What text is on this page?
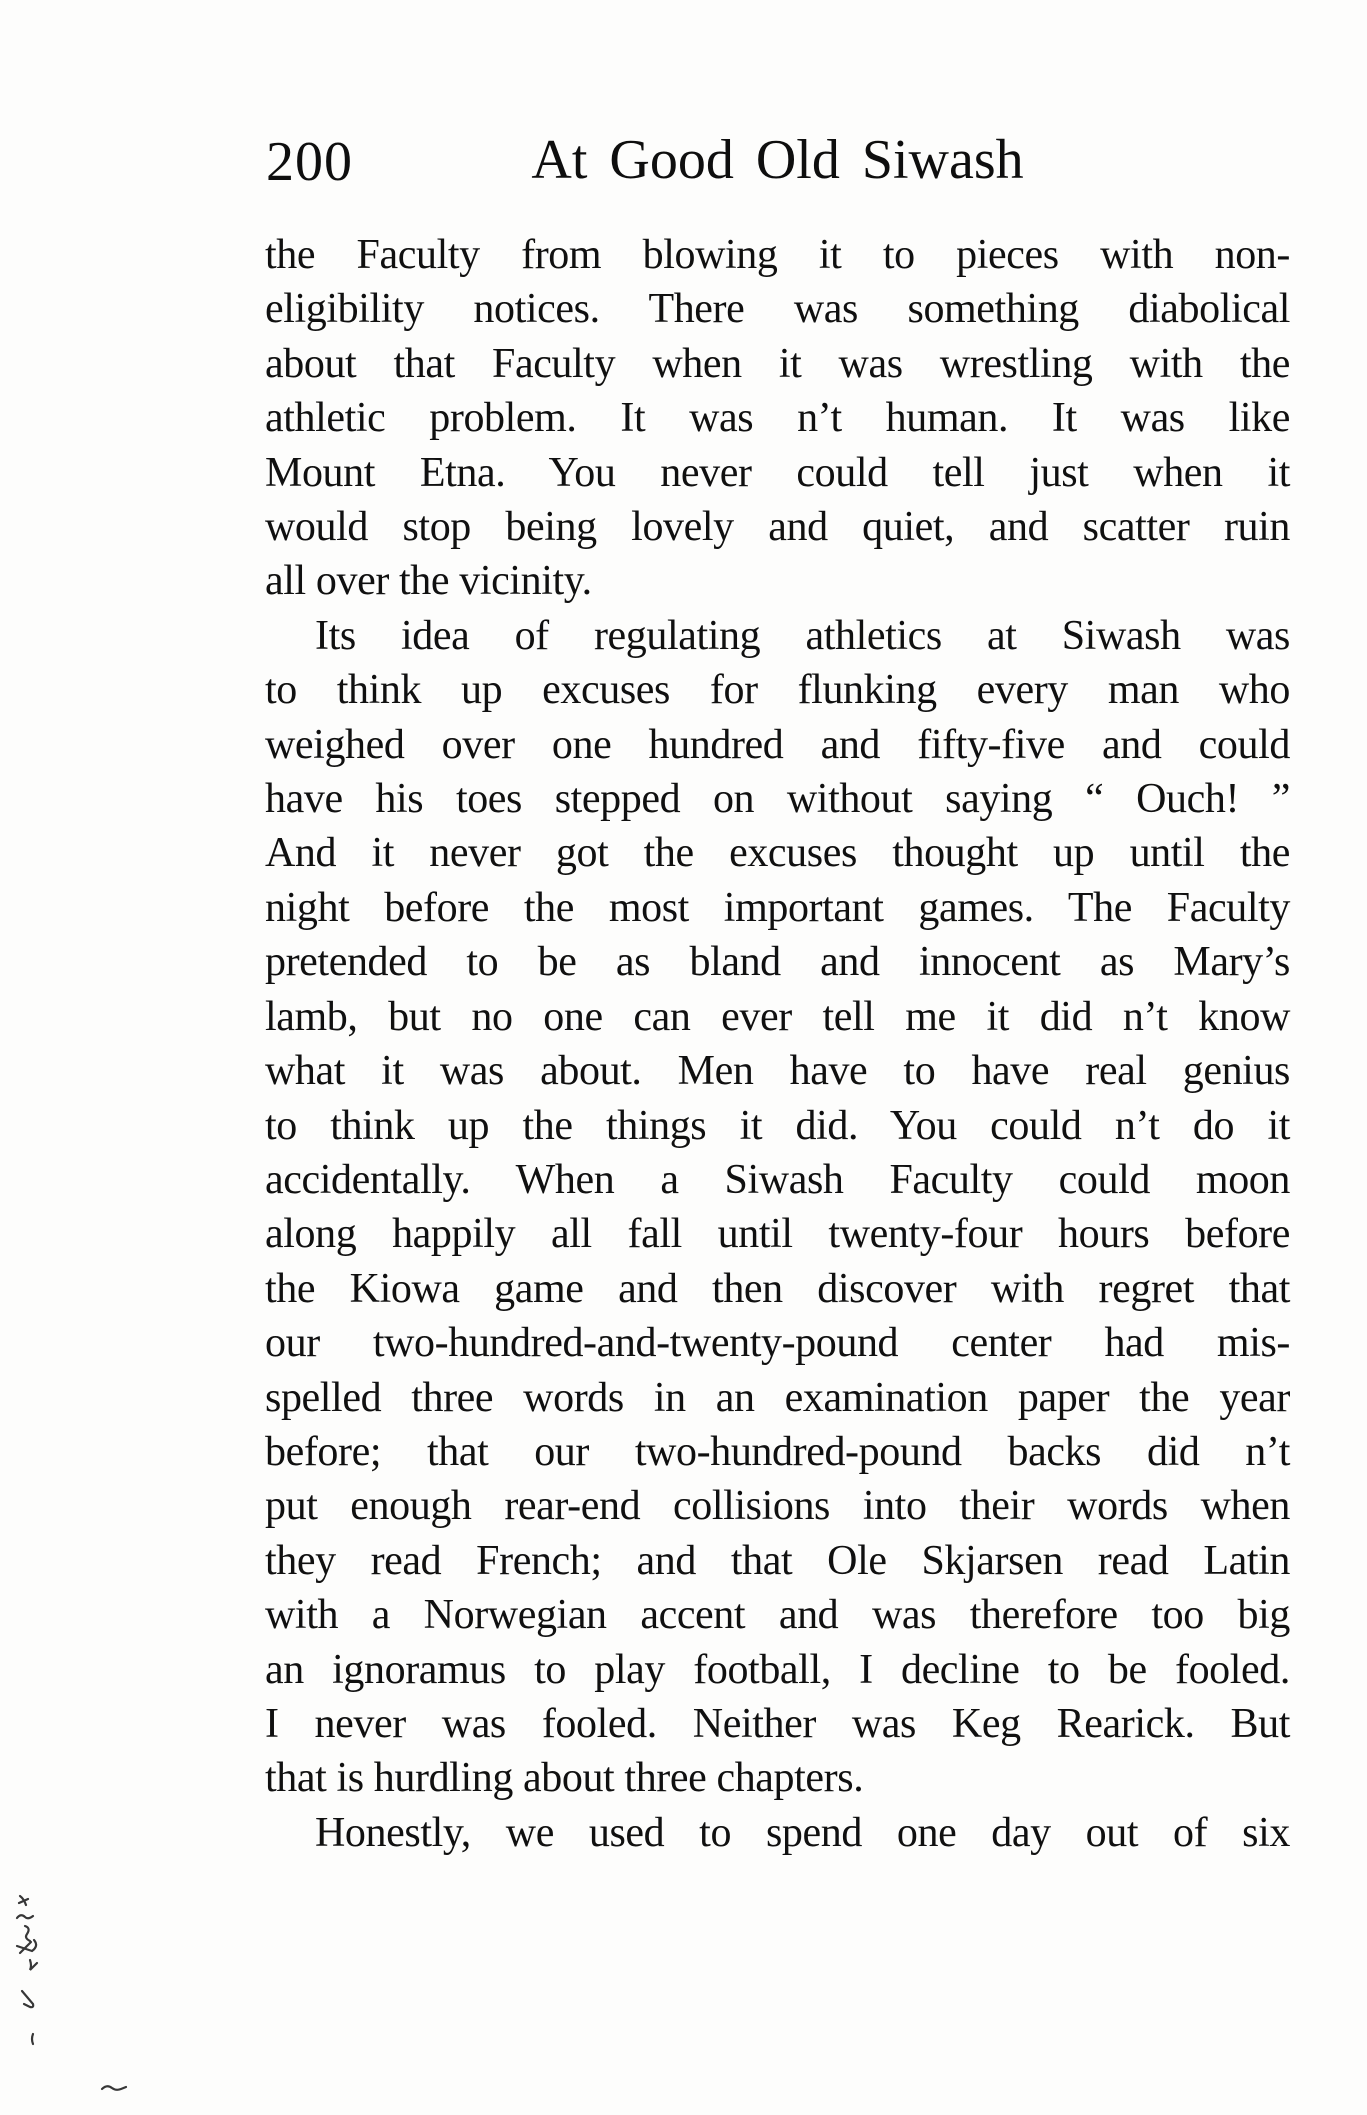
200	At Good Old Siwash
the Faculty from blowing it to pieces with non-
eligibility notices. There was something diabolical
about that Faculty when it was wrestling with the
athletic problem. It was n’t human. It was like
Mount Etna. You never could tell just when it
would stop being lovely and quiet, and scatter ruin
all over the vicinity.
Its idea of regulating athletics at Siwash was
to think up excuses for flunking every man who
weighed over one hundred and fifty-five and could
have his toes stepped on without saying “ Ouch! ”
And it never got the excuses thought up until the
night before the most important games. The Faculty
pretended to be as bland and innocent as Mary’s
lamb, but no one can ever tell me it did n’t know
what it was about. Men have to have real genius
to think up the things it did. You could n’t do it
accidentally. When a Siwash Faculty could moon
along happily all fall until twenty-four hours before
the Kiowa game and then discover with regret that
our two-hundred-and-twenty-pound center had mis-
spelled three words in an examination paper the year
before; that our two-hundred-pound backs did n’t
put enough rear-end collisions into their words when
they read French; and that Ole Skjarsen read Latin
with a Norwegian accent and was therefore too big
an ignoramus to play football, I decline to be fooled.
I never was fooled. Neither was Keg Rearick. But
that is hurdling about three chapters.
Honestly, we used to spend one day out of six
